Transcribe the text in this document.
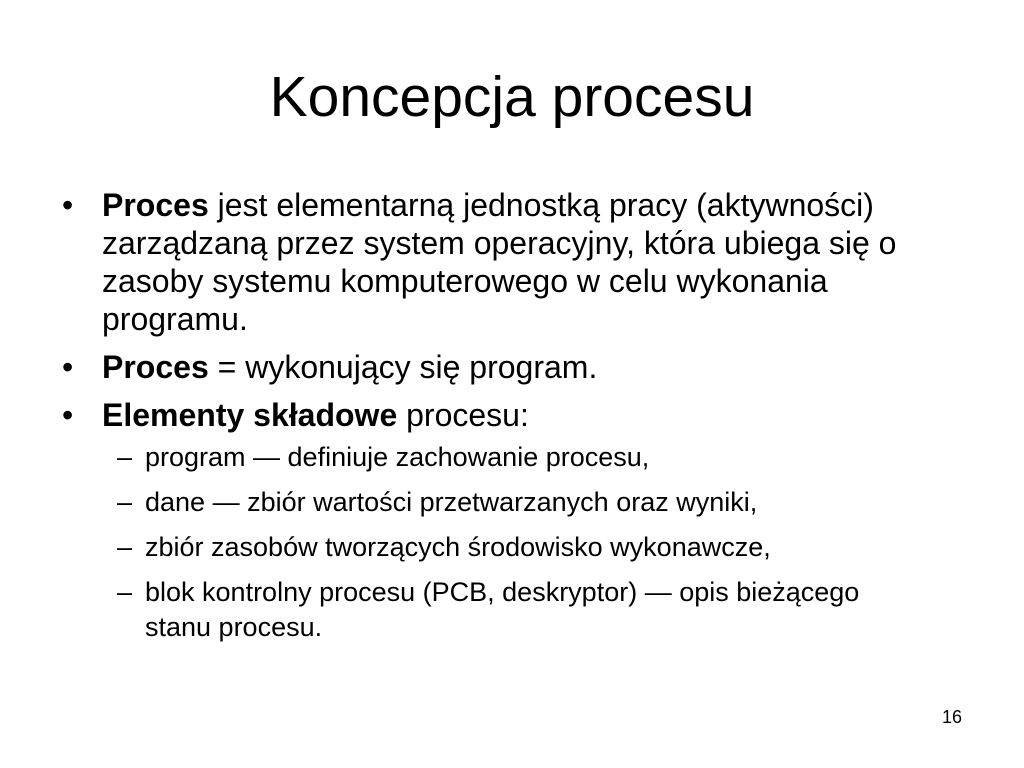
Koncepcja procesu
• Proces jest elementarną jednostką pracy (aktywności) zarządzaną przez system operacyjny, która ubiega się o zasoby systemu komputerowego w celu wykonania programu.
• Proces = wykonujący się program.
• Elementy składowe procesu:
– program — definiuje zachowanie procesu,
– dane — zbiór wartości przetwarzanych oraz wyniki,
– zbiór zasobów tworzących środowisko wykonawcze,
– blok kontrolny procesu (PCB, deskryptor) — opis bieżącego stanu procesu.
16
